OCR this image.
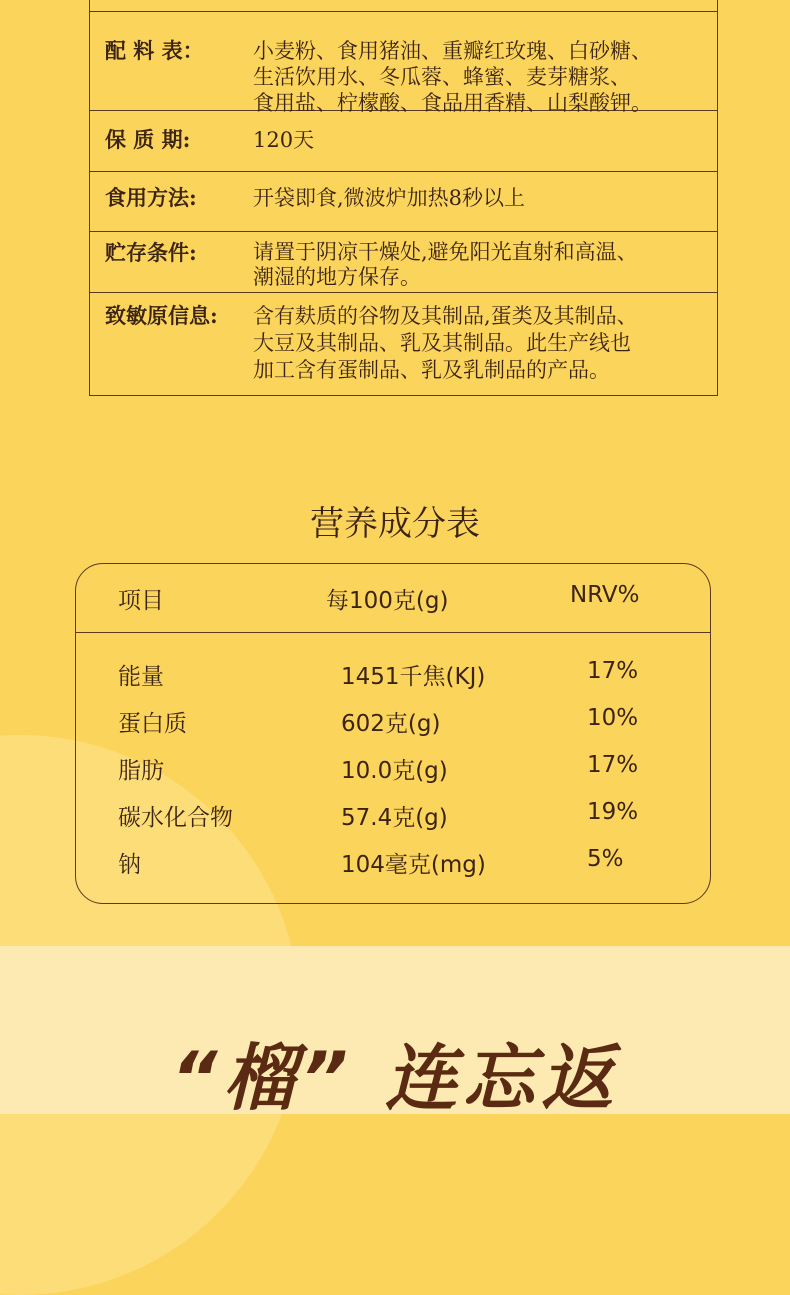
配 料 表：	小麦粉、食用猪油、重瓣红玫瑰、白砂糖、
生活饮用水、冬瓜蓉、蜂蜜、麦芽糖浆、
食用盐、柠檬酸、食品用香精、山梨酸钾。
保 质 期:	120天
食用方法:	开袋即食,微波炉加热8秒以上
贮存条件:	请置于阴凉干燥处,避免阳光直射和高温、
潮湿的地方保存。
致敏原信息:	含有麸质的谷物及其制品,蛋类及其制品、
大豆及其制品、乳及其制品。此生产线也
加工含有蛋制品、乳及乳制品的产品。
营养成分表
项目	每100克(g)	NRV%
能量	1451千焦(KJ)	17%
蛋白质	602克(g)	10%
脂肪	10.0克(g)	17%
碳水化合物	57.4克(g)	19%
钠	104毫克(mg)	5%
“榴” 连忘返
